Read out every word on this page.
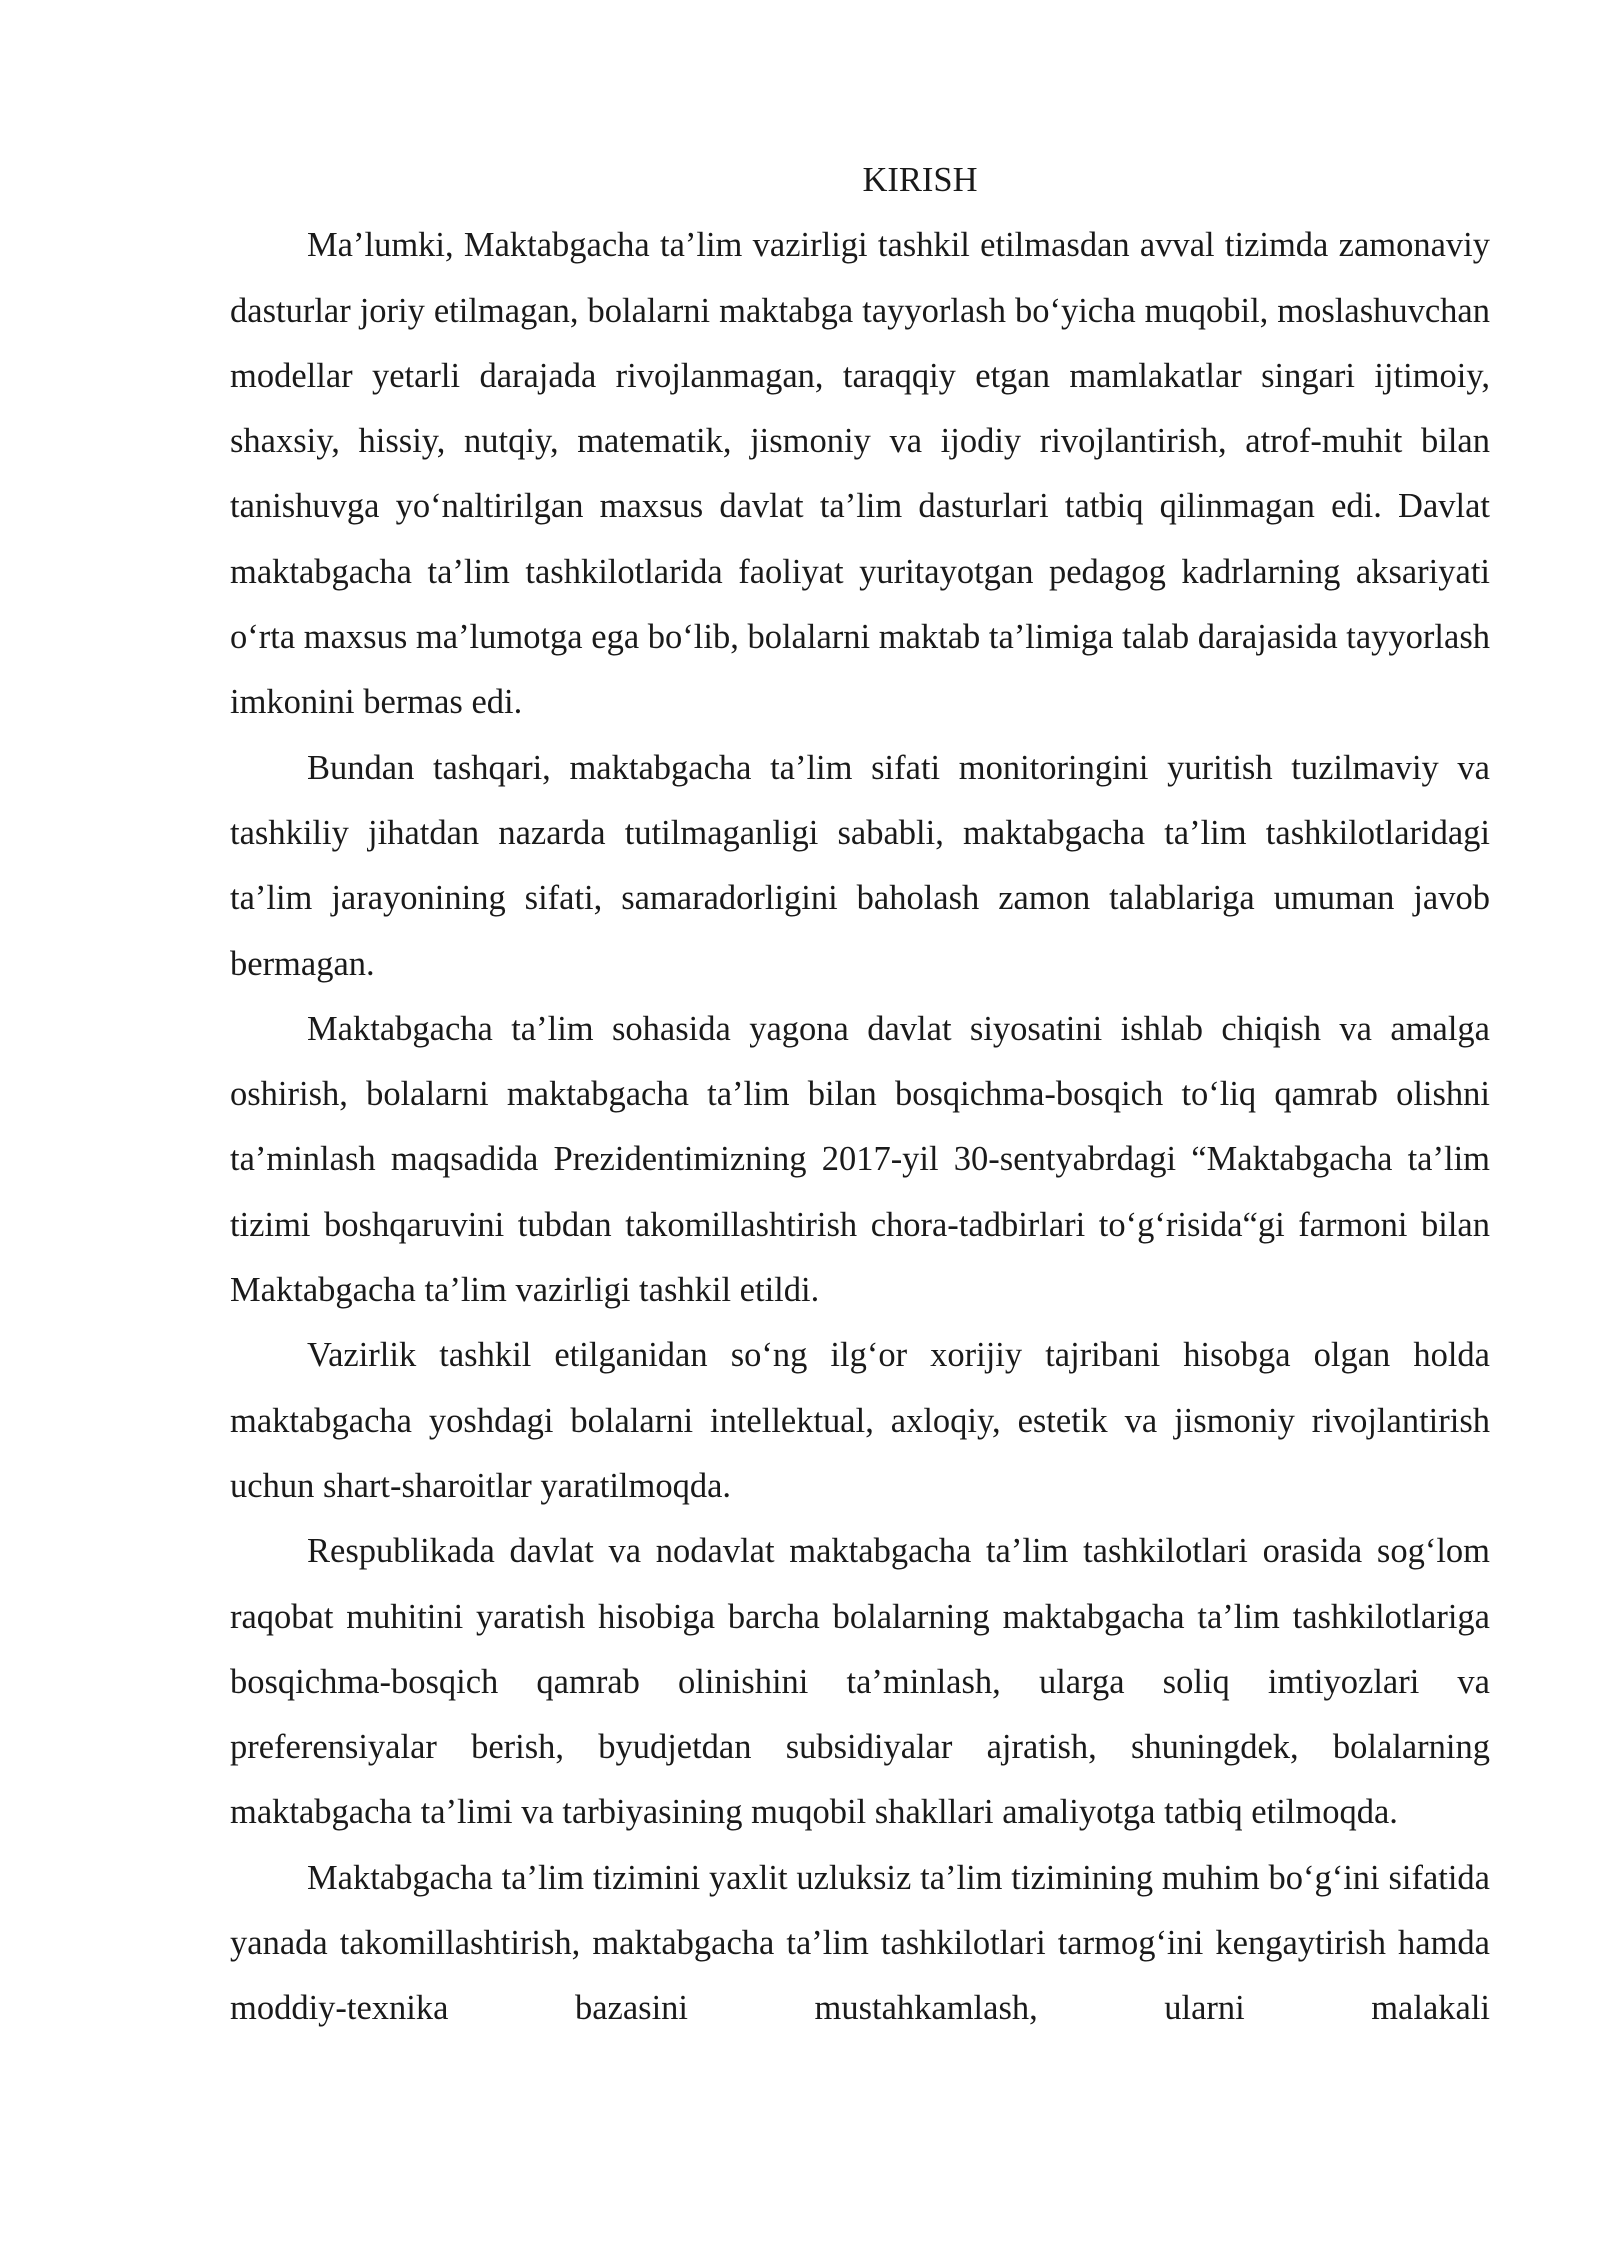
KIRISH

Ma’lumki, Maktabgacha ta’lim vazirligi tashkil etilmasdan avval tizimda zamonaviy dasturlar joriy etilmagan, bolalarni maktabga tayyorlash bo‘yicha muqobil, moslashuvchan modellar yetarli darajada rivojlanmagan, taraqqiy etgan mamlakatlar singari ijtimoiy, shaxsiy, hissiy, nutqiy, matematik, jismoniy va ijodiy rivojlantirish, atrof-muhit bilan tanishuvga yo‘naltirilgan maxsus davlat ta’lim dasturlari tatbiq qilinmagan edi. Davlat maktabgacha ta’lim tashkilotlarida faoliyat yuritayotgan pedagog kadrlarning aksariyati o‘rta maxsus ma’lumotga ega bo‘lib, bolalarni maktab ta’limiga talab darajasida tayyorlash imkonini bermas edi.

Bundan tashqari, maktabgacha ta’lim sifati monitoringini yuritish tuzilmaviy va tashkiliy jihatdan nazarda tutilmaganligi sababli, maktabgacha ta’lim tashkilotlaridagi ta’lim jarayonining sifati, samaradorligini baholash zamon talablariga umuman javob bermagan.

Maktabgacha ta’lim sohasida yagona davlat siyosatini ishlab chiqish va amalga oshirish, bolalarni maktabgacha ta’lim bilan bosqichma-bosqich to‘liq qamrab olishni ta’minlash maqsadida Prezidentimizning 2017-yil 30-sentyabrdagi “Maktabgacha ta’lim tizimi boshqaruvini tubdan takomillashtirish chora-tadbirlari to‘g‘risida“gi farmoni bilan Maktabgacha ta’lim vazirligi tashkil etildi.

Vazirlik tashkil etilganidan so‘ng ilg‘or xorijiy tajribani hisobga olgan holda maktabgacha yoshdagi bolalarni intellektual, axloqiy, estetik va jismoniy rivojlantirish uchun shart-sharoitlar yaratilmoqda.

Respublikada davlat va nodavlat maktabgacha ta’lim tashkilotlari orasida sog‘lom raqobat muhitini yaratish hisobiga barcha bolalarning maktabgacha ta’lim tashkilotlariga bosqichma-bosqich qamrab olinishini ta’minlash, ularga soliq imtiyozlari va preferensiyalar berish, byudjetdan subsidiyalar ajratish, shuningdek, bolalarning maktabgacha ta’limi va tarbiyasining muqobil shakllari amaliyotga tatbiq etilmoqda.

Maktabgacha ta’lim tizimini yaxlit uzluksiz ta’lim tizimining muhim bo‘g‘ini sifatida yanada takomillashtirish, maktabgacha ta’lim tashkilotlari tarmog‘ini kengaytirish hamda moddiy-texnika bazasini mustahkamlash, ularni malakali
